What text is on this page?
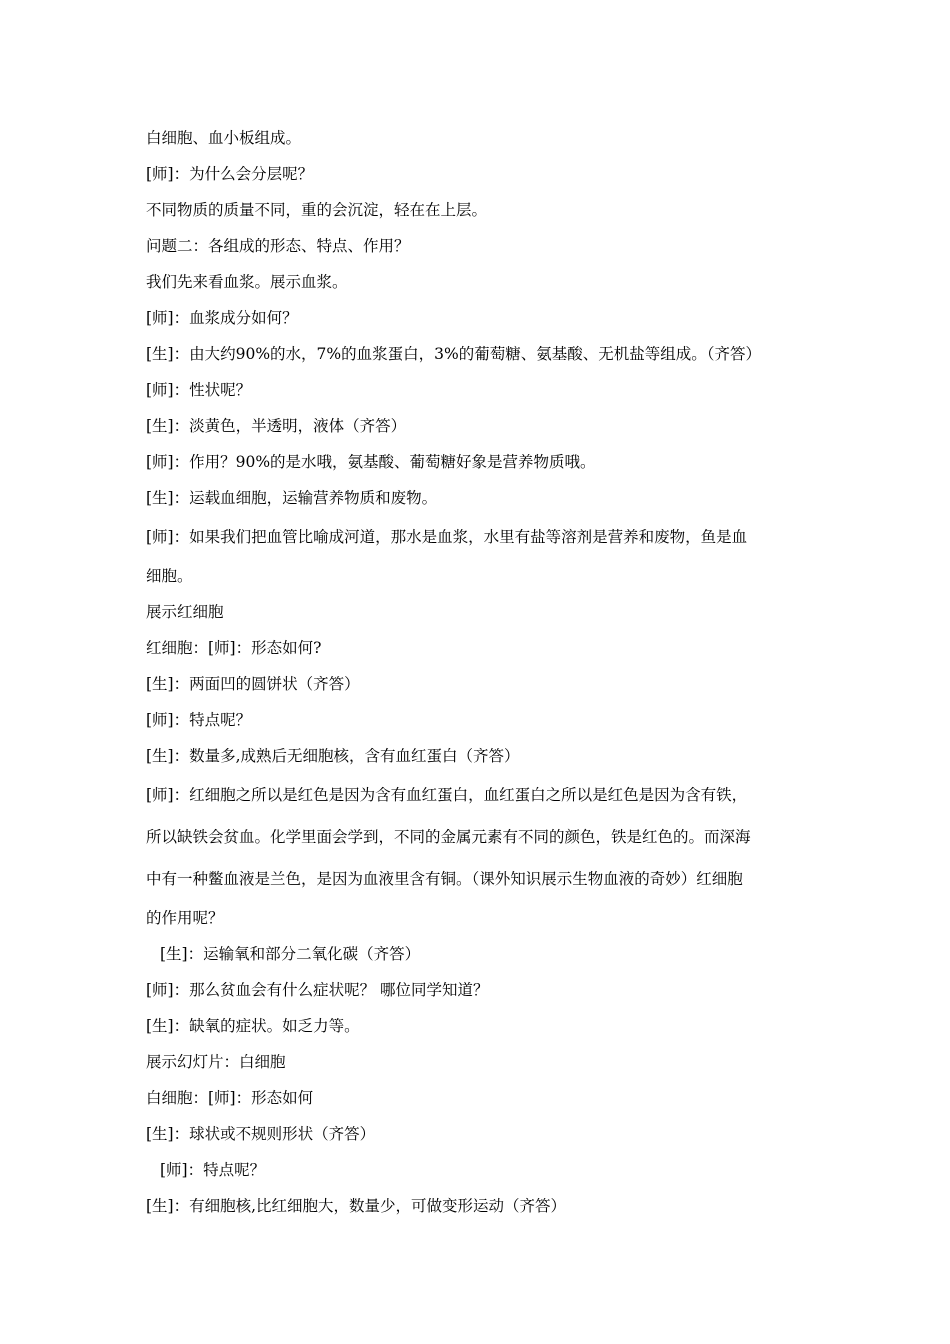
白细胞、血小板组成。
[师]：为什么会分层呢？
不同物质的质量不同，重的会沉淀，轻在在上层。
问题二：各组成的形态、特点、作用？
我们先来看血浆。展示血浆。
[师]：血浆成分如何？
[生]：由大约90%的水，7%的血浆蛋白，3%的葡萄糖、氨基酸、无机盐等组成。（齐答）
[师]：性状呢？
[生]：淡黄色，半透明，液体（齐答）
[师]：作用？90%的是水哦，氨基酸、葡萄糖好象是营养物质哦。
[生]：运载血细胞，运输营养物质和废物。
[师]：如果我们把血管比喻成河道，那水是血浆，水里有盐等溶剂是营养和废物，鱼是血
细胞。
展示红细胞
红细胞：[师]：形态如何?
[生]：两面凹的圆饼状（齐答）
[师]：特点呢？
[生]：数量多,成熟后无细胞核，含有血红蛋白（齐答）
[师]：红细胞之所以是红色是因为含有血红蛋白，血红蛋白之所以是红色是因为含有铁，
所以缺铁会贫血。化学里面会学到，不同的金属元素有不同的颜色，铁是红色的。而深海
中有一种鳖血液是兰色，是因为血液里含有铜。（课外知识展示生物血液的奇妙）红细胞
的作用呢？
[生]：运输氧和部分二氧化碳（齐答）
[师]：那么贫血会有什么症状呢？ 哪位同学知道？
[生]：缺氧的症状。如乏力等。
展示幻灯片：白细胞
白细胞：[师]：形态如何
[生]：球状或不规则形状（齐答）
[师]：特点呢？
[生]：有细胞核,比红细胞大，数量少，可做变形运动（齐答）
